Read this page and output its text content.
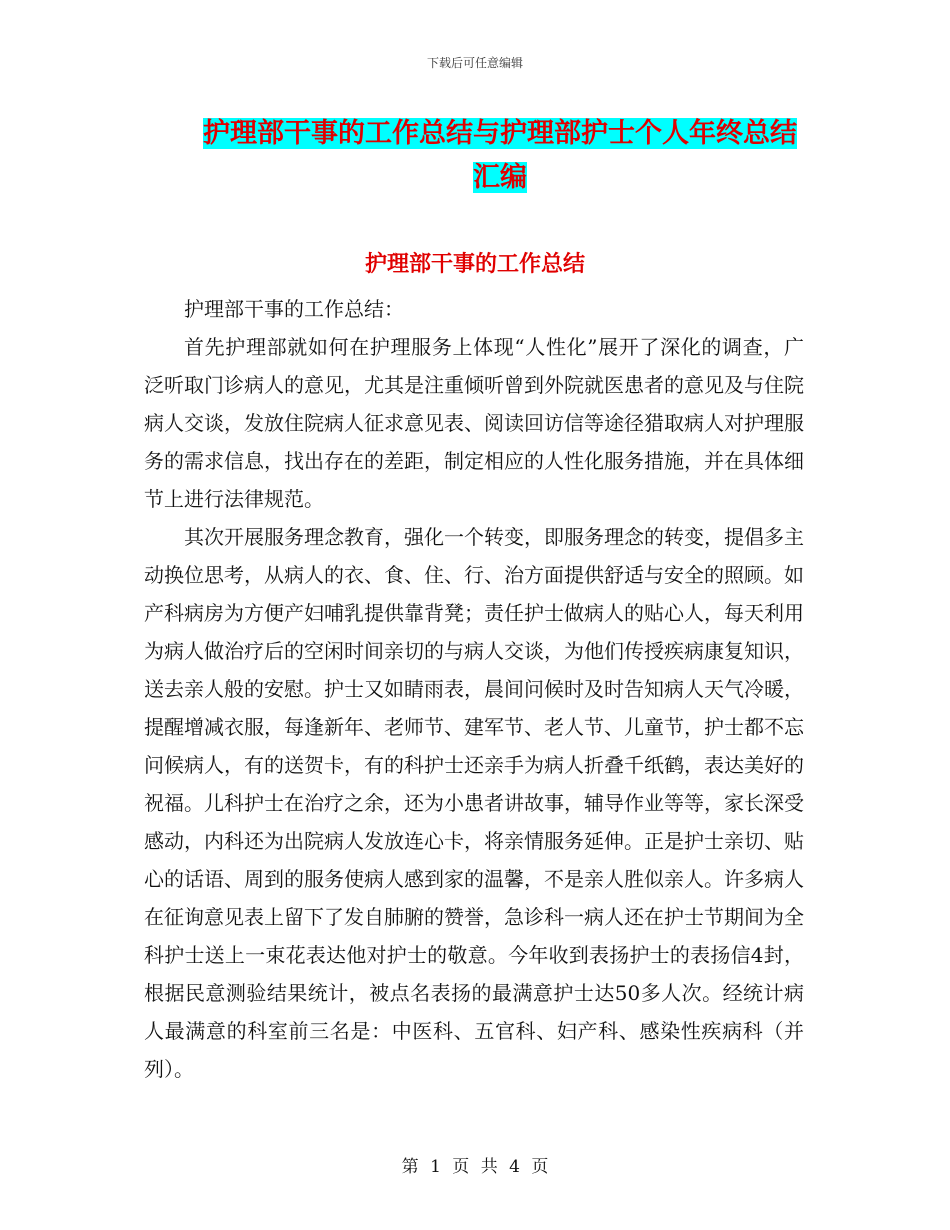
下载后可任意编辑
护理部干事的工作总结与护理部护士个人年终总结汇编
护理部干事的工作总结

护理部干事的工作总结：

首先护理部就如何在护理服务上体现“人性化”展开了深化的调查，广泛听取门诊病人的意见，尤其是注重倾听曾到外院就医患者的意见及与住院病人交谈，发放住院病人征求意见表、阅读回访信等途径猎取病人对护理服务的需求信息，找出存在的差距，制定相应的人性化服务措施，并在具体细节上进行法律规范。

其次开展服务理念教育，强化一个转变，即服务理念的转变，提倡多主动换位思考，从病人的衣、食、住、行、治方面提供舒适与安全的照顾。如产科病房为方便产妇哺乳提供靠背凳；责任护士做病人的贴心人，每天利用为病人做治疗后的空闲时间亲切的与病人交谈，为他们传授疾病康复知识，送去亲人般的安慰。护士又如睛雨表，晨间问候时及时告知病人天气冷暖，提醒增减衣服，每逢新年、老师节、建军节、老人节、儿童节，护士都不忘问候病人，有的送贺卡，有的科护士还亲手为病人折叠千纸鹤，表达美好的祝福。儿科护士在治疗之余，还为小患者讲故事，辅导作业等等，家长深受感动，内科还为出院病人发放连心卡，将亲情服务延伸。正是护士亲切、贴心的话语、周到的服务使病人感到家的温馨，不是亲人胜似亲人。许多病人在征询意见表上留下了发自肺腑的赞誉，急诊科一病人还在护士节期间为全科护士送上一束花表达他对护士的敬意。今年收到表扬护士的表扬信4封，根据民意测验结果统计，被点名表扬的最满意护士达50多人次。经统计病人最满意的科室前三名是：中医科、五官科、妇产科、感染性疾病科（并列）。

第 1 页 共 4 页
